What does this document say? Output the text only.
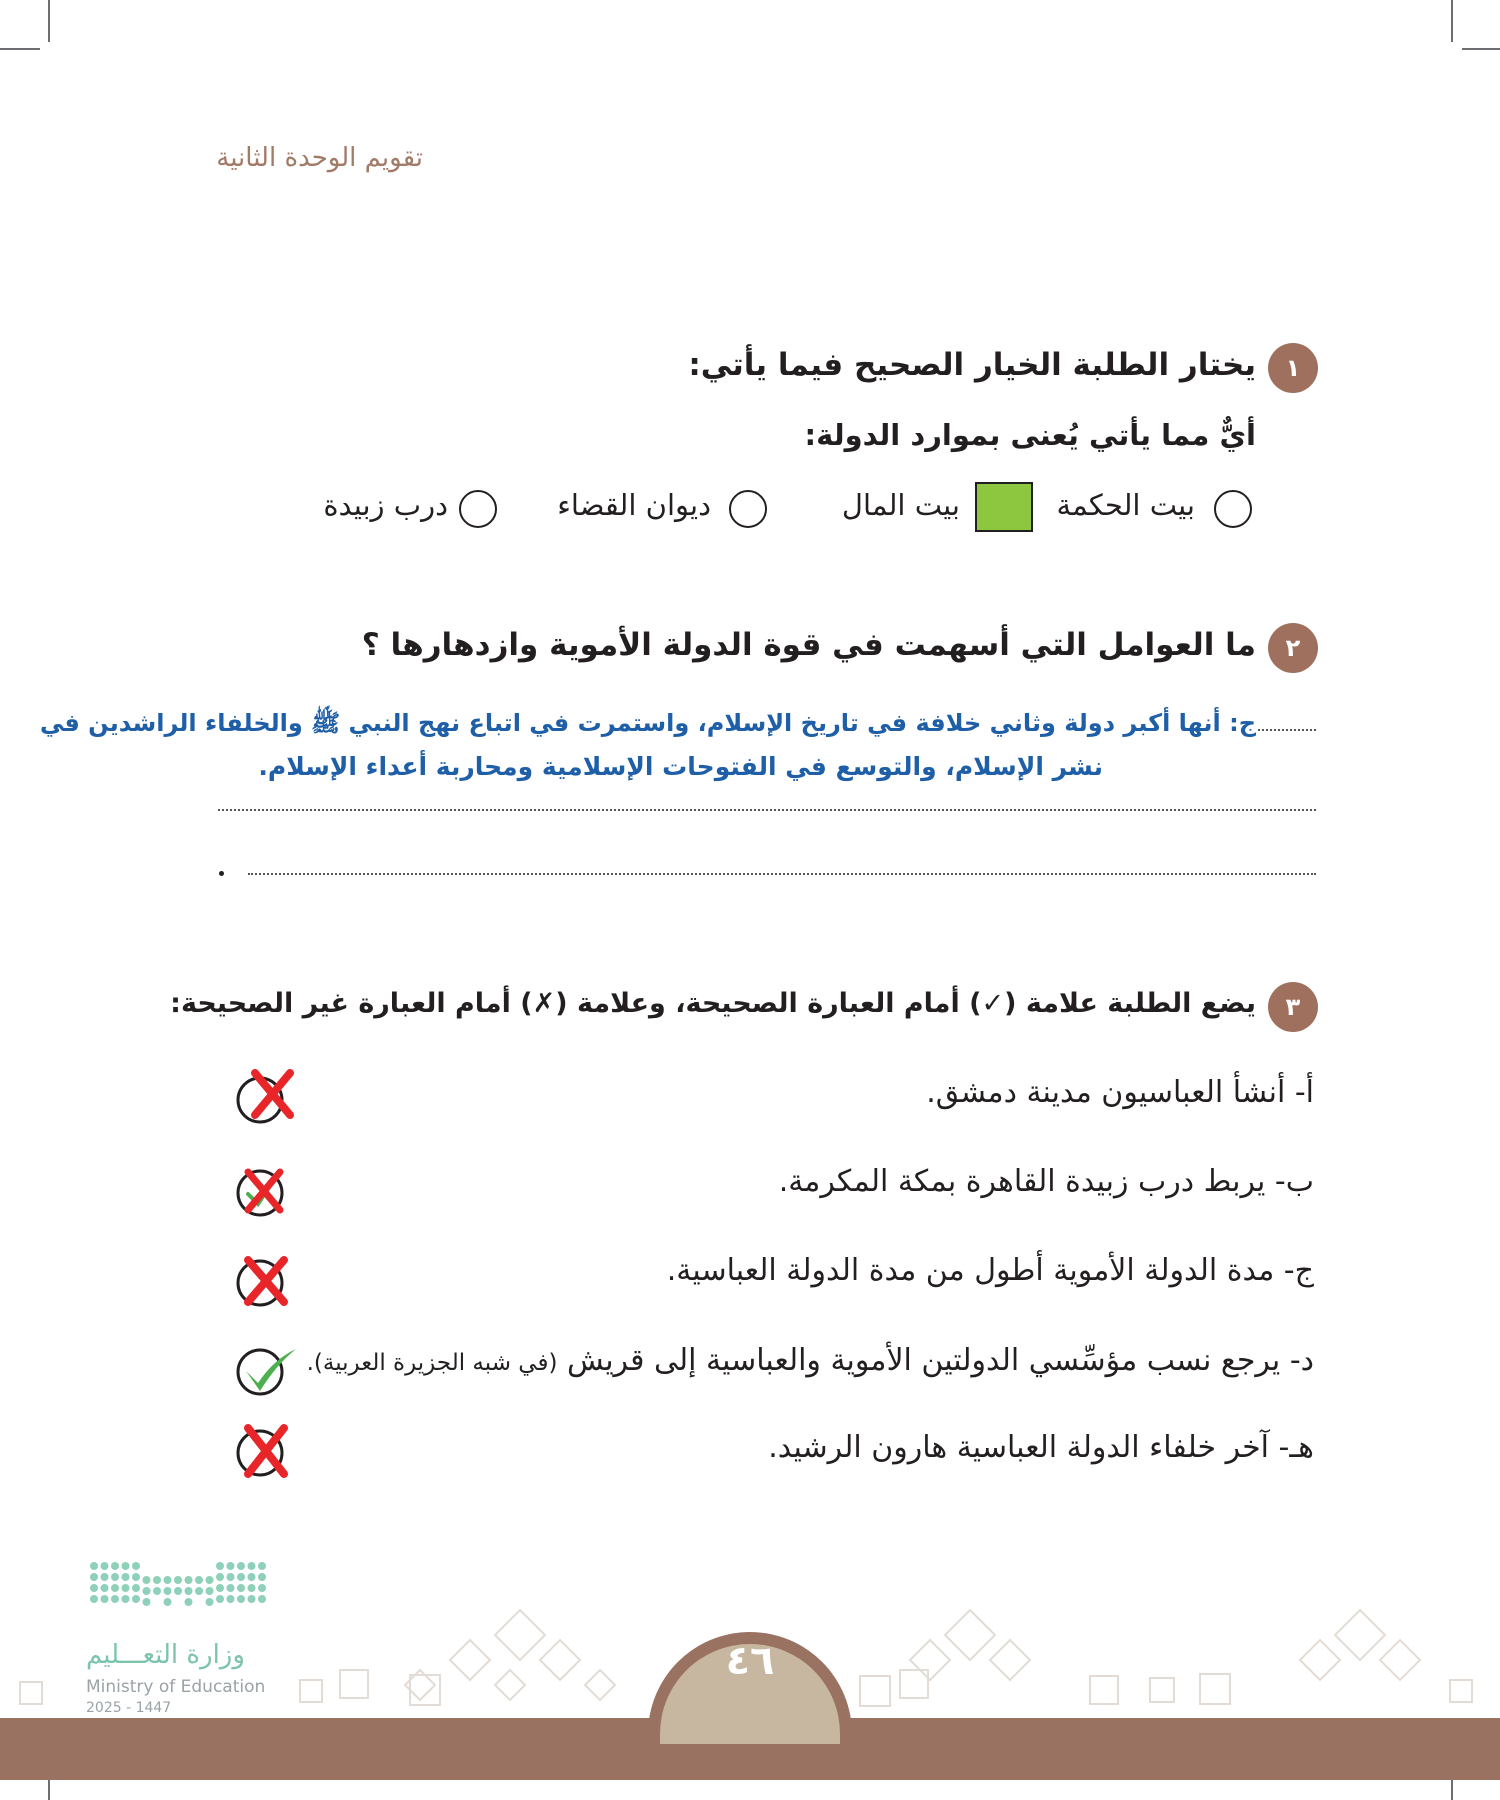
تقويم الوحدة الثانية
١
يختار الطلبة الخيار الصحيح فيما يأتي:
أيٌّ مما يأتي يُعنى بموارد الدولة:
بيت الحكمة
بيت المال
ديوان القضاء
درب زبيدة
٢
ما العوامل التي أسهمت في قوة الدولة الأموية وازدهارها ؟
ج: أنها أكبر دولة وثاني خلافة في تاريخ الإسلام، واستمرت في اتباع نهج النبي ﷺ والخلفاء الراشدين في
نشر الإسلام، والتوسع في الفتوحات الإسلامية ومحاربة أعداء الإسلام.
٣
يضع الطلبة علامة (✓) أمام العبارة الصحيحة، وعلامة (✗) أمام العبارة غير الصحيحة:
أ- أنشأ العباسيون مدينة دمشق.
ب- يربط درب زبيدة القاهرة بمكة المكرمة.
ج- مدة الدولة الأموية أطول من مدة الدولة العباسية.
د- يرجع نسب مؤسِّسي الدولتين الأموية والعباسية إلى قريش (في شبه الجزيرة العربية).
هـ- آخر خلفاء الدولة العباسية هارون الرشيد.
٤٦
وزارة التعـــليم
Ministry of Education
2025 - 1447
